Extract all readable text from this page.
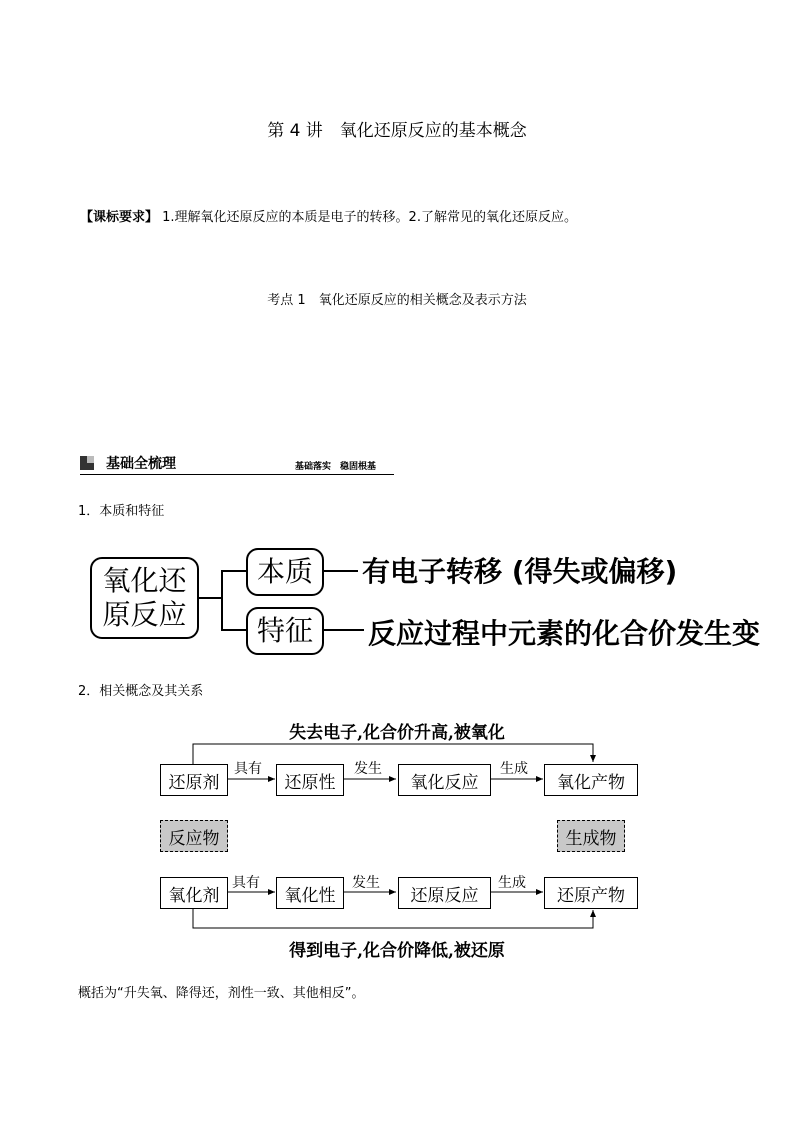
第 4 讲　氧化还原反应的基本概念
【课标要求】 1.理解氧化还原反应的本质是电子的转移。2.了解常见的氧化还原反应。
考点 1　氧化还原反应的相关概念及表示方法
基础全梳理	基础落实　稳固根基
1．本质和特征
氧化还
原反应
本质
特征
有电子转移 (得失或偏移)
反应过程中元素的化合价发生变
2．相关概念及其关系
失去电子,化合价升高,被氧化
得到电子,化合价降低,被还原
还原剂	还原性	氧化反应	氧化产物
反应物	生成物
氧化剂	氧化性	还原反应	还原产物
具有	发生	生成
具有	发生	生成
概括为“升失氧、降得还，剂性一致、其他相反”。
